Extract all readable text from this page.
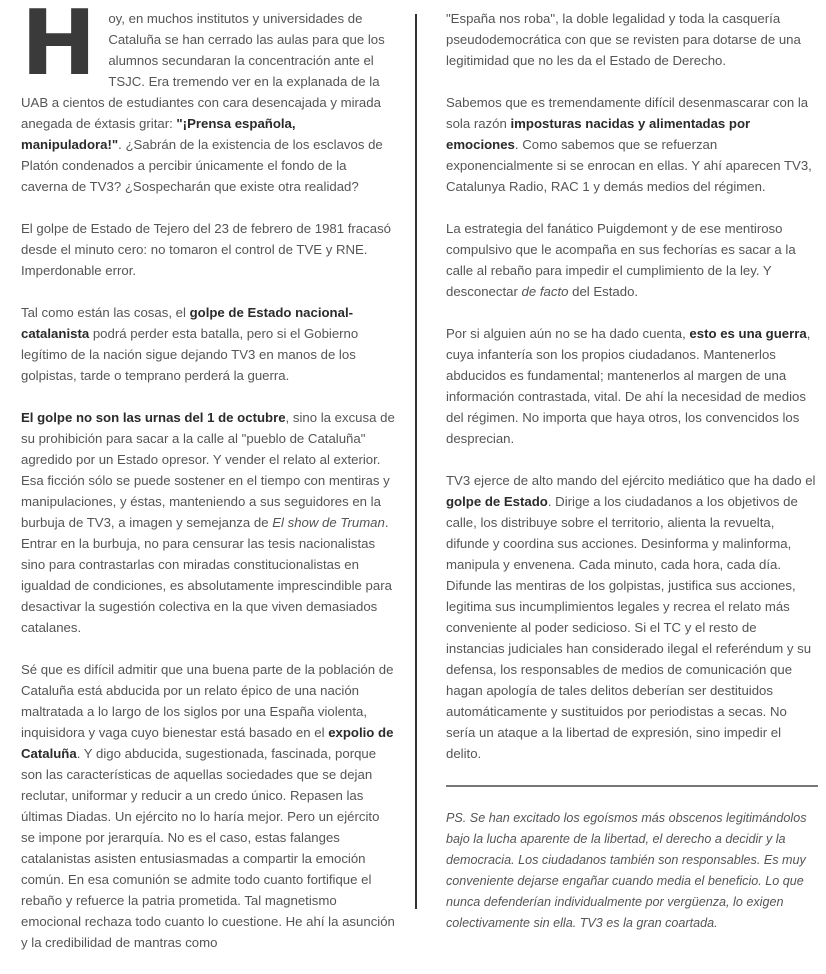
Hoy, en muchos institutos y universidades de Cataluña se han cerrado las aulas para que los alumnos secundaran la concentración ante el TSJC. Era tremendo ver en la explanada de la UAB a cientos de estudiantes con cara desencajada y mirada anegada de éxtasis gritar: "¡Prensa española, manipuladora!". ¿Sabrán de la existencia de los esclavos de Platón condenados a percibir únicamente el fondo de la caverna de TV3? ¿Sospecharán que existe otra realidad?

El golpe de Estado de Tejero del 23 de febrero de 1981 fracasó desde el minuto cero: no tomaron el control de TVE y RNE. Imperdonable error.

Tal como están las cosas, el golpe de Estado nacional-catalanista podrá perder esta batalla, pero si el Gobierno legítimo de la nación sigue dejando TV3 en manos de los golpistas, tarde o temprano perderá la guerra.

El golpe no son las urnas del 1 de octubre, sino la excusa de su prohibición para sacar a la calle al "pueblo de Cataluña" agredido por un Estado opresor. Y vender el relato al exterior. Esa ficción sólo se puede sostener en el tiempo con mentiras y manipulaciones, y éstas, manteniendo a sus seguidores en la burbuja de TV3, a imagen y semejanza de El show de Truman. Entrar en la burbuja, no para censurar las tesis nacionalistas sino para contrastarlas con miradas constitucionalistas en igualdad de condiciones, es absolutamente imprescindible para desactivar la sugestión colectiva en la que viven demasiados catalanes.

Sé que es difícil admitir que una buena parte de la población de Cataluña está abducida por un relato épico de una nación maltratada a lo largo de los siglos por una España violenta, inquisidora y vaga cuyo bienestar está basado en el expolio de Cataluña. Y digo abducida, sugestionada, fascinada, porque son las características de aquellas sociedades que se dejan reclutar, uniformar y reducir a un credo único. Repasen las últimas Diadas. Un ejército no lo haría mejor. Pero un ejército se impone por jerarquía. No es el caso, estas falanges catalanistas asisten entusiasmadas a compartir la emoción común. En esa comunión se admite todo cuanto fortifique el rebaño y refuerce la patria prometida. Tal magnetismo emocional rechaza todo cuanto lo cuestione. He ahí la asunción y la credibilidad de mantras como

"España nos roba", la doble legalidad y toda la casquería pseudodemocrática con que se revisten para dotarse de una legitimidad que no les da el Estado de Derecho.

Sabemos que es tremendamente difícil desenmascarar con la sola razón imposturas nacidas y alimentadas por emociones. Como sabemos que se refuerzan exponencialmente si se enrocan en ellas. Y ahí aparecen TV3, Catalunya Radio, RAC 1 y demás medios del régimen.

La estrategia del fanático Puigdemont y de ese mentiroso compulsivo que le acompaña en sus fechorías es sacar a la calle al rebaño para impedir el cumplimiento de la ley. Y desconectar de facto del Estado.

Por si alguien aún no se ha dado cuenta, esto es una guerra, cuya infantería son los propios ciudadanos. Mantenerlos abducidos es fundamental; mantenerlos al margen de una información contrastada, vital. De ahí la necesidad de medios del régimen. No importa que haya otros, los convencidos los desprecian.

TV3 ejerce de alto mando del ejército mediático que ha dado el golpe de Estado. Dirige a los ciudadanos a los objetivos de calle, los distribuye sobre el territorio, alienta la revuelta, difunde y coordina sus acciones. Desinforma y malinforma, manipula y envenena. Cada minuto, cada hora, cada día. Difunde las mentiras de los golpistas, justifica sus acciones, legitima sus incumplimientos legales y recrea el relato más conveniente al poder sedicioso. Si el TC y el resto de instancias judiciales han considerado ilegal el referéndum y su defensa, los responsables de medios de comunicación que hagan apología de tales delitos deberían ser destituidos automáticamente y sustituidos por periodistas a secas. No sería un ataque a la libertad de expresión, sino impedir el delito.

PS. Se han excitado los egoísmos más obscenos legitimándolos bajo la lucha aparente de la libertad, el derecho a decidir y la democracia. Los ciudadanos también son responsables. Es muy conveniente dejarse engañar cuando media el beneficio. Lo que nunca defenderían individualmente por vergüenza, lo exigen colectivamente sin ella. TV3 es la gran coartada.
